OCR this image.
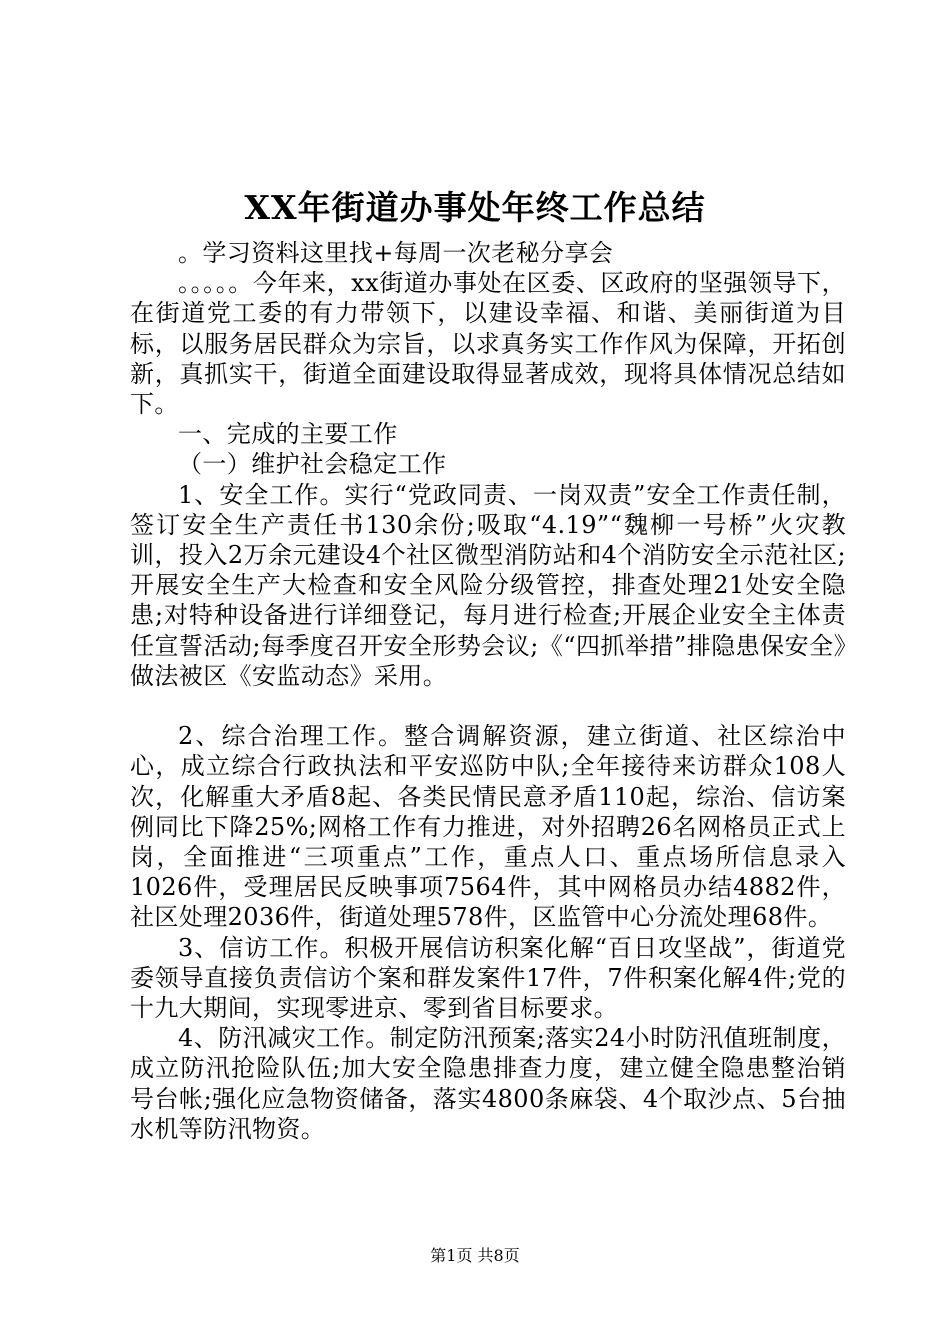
XX年街道办事处年终工作总结

。学习资料这里找+每周一次老秘分享会

。。。。。今年来，xx街道办事处在区委、区政府的坚强领导下，在街道党工委的有力带领下，以建设幸福、和谐、美丽街道为目标，以服务居民群众为宗旨，以求真务实工作作风为保障，开拓创新，真抓实干，街道全面建设取得显著成效，现将具体情况总结如下。

一、完成的主要工作

（一）维护社会稳定工作

1、安全工作。实行“党政同责、一岗双责”安全工作责任制，签订安全生产责任书130余份;吸取“4.19”“魏柳一号桥”火灾教训，投入2万余元建设4个社区微型消防站和4个消防安全示范社区;开展安全生产大检查和安全风险分级管控，排查处理21处安全隐患;对特种设备进行详细登记，每月进行检查;开展企业安全主体责任宣誓活动;每季度召开安全形势会议;《“四抓举措”排隐患保安全》做法被区《安监动态》采用。

2、综合治理工作。整合调解资源，建立街道、社区综治中心，成立综合行政执法和平安巡防中队;全年接待来访群众108人次，化解重大矛盾8起、各类民情民意矛盾110起，综治、信访案例同比下降25%;网格工作有力推进，对外招聘26名网格员正式上岗，全面推进“三项重点”工作，重点人口、重点场所信息录入1026件，受理居民反映事项7564件，其中网格员办结4882件，社区处理2036件，街道处理578件，区监管中心分流处理68件。

3、信访工作。积极开展信访积案化解“百日攻坚战”，街道党委领导直接负责信访个案和群发案件17件，7件积案化解4件;党的十九大期间，实现零进京、零到省目标要求。

4、防汛减灾工作。制定防汛预案;落实24小时防汛值班制度，成立防汛抢险队伍;加大安全隐患排查力度，建立健全隐患整治销号台帐;强化应急物资储备，落实4800条麻袋、4个取沙点、5台抽水机等防汛物资。

第1页 共8页
